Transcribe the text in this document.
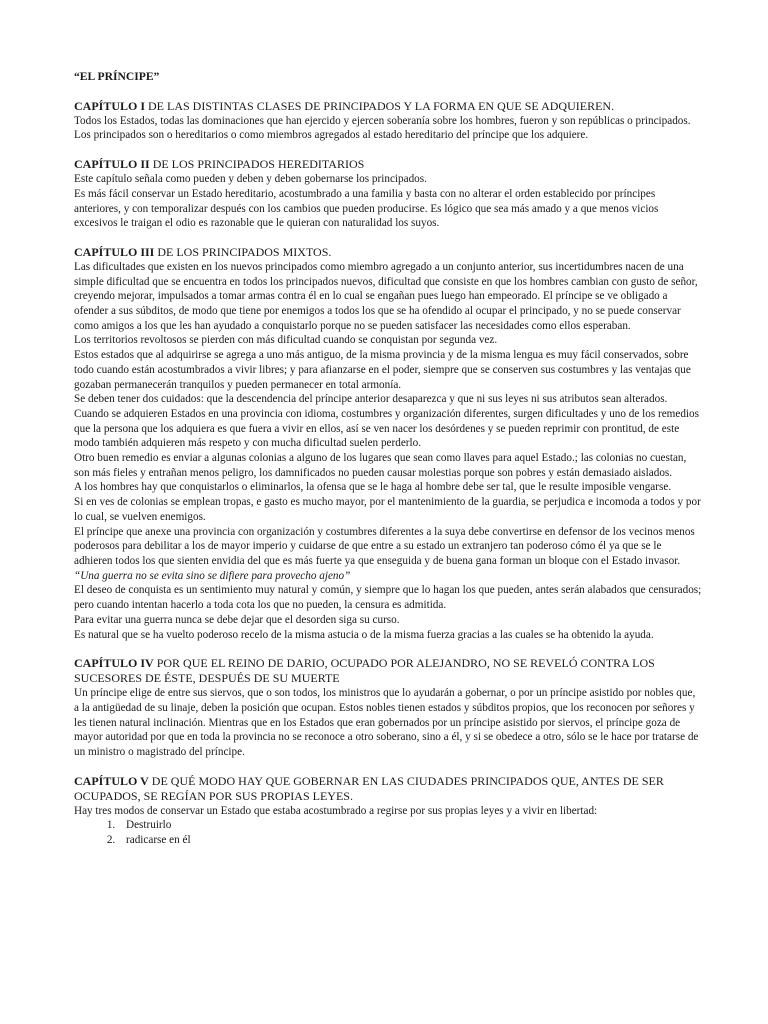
“EL PRÍNCIPE”

CAPÍTULO I DE LAS DISTINTAS CLASES DE PRINCIPADOS Y LA FORMA EN QUE SE ADQUIEREN.

Todos los Estados, todas las dominaciones que han ejercido y ejercen soberanía sobre los hombres, fueron y son repúblicas o principados. Los principados son o hereditarios o como miembros agregados al estado hereditario del príncipe que los adquiere.

CAPÍTULO II DE LOS PRINCIPADOS HEREDITARIOS

Este capítulo señala como pueden y deben y deben gobernarse los principados.

Es más fácil conservar un Estado hereditario, acostumbrado a una familia y basta con no alterar el orden establecido por príncipes anteriores, y con temporalizar después con los cambios que pueden producirse. Es lógico que sea más amado y a que menos vicios excesivos le traigan el odio es razonable que le quieran con naturalidad los suyos.

CAPÍTULO III DE LOS PRINCIPADOS MIXTOS.

Las dificultades que existen en los nuevos principados como miembro agregado a un conjunto anterior, sus incertidumbres nacen de una simple dificultad que se encuentra en todos los principados nuevos, dificultad que consiste en que los hombres cambian con gusto de señor, creyendo mejorar, impulsados a tomar armas contra él en lo cual se engañan pues luego han empeorado. El príncipe se ve obligado a ofender a sus súbditos, de modo que tiene por enemigos a todos los que se ha ofendido al ocupar el principado, y no se puede conservar como amigos a los que les han ayudado a conquistarlo porque no se pueden satisfacer las necesidades como ellos esperaban.

Los territorios revoltosos se pierden con más dificultad cuando se conquistan por segunda vez.

Estos estados que al adquirirse se agrega a uno más antiguo, de la misma provincia y de la misma lengua es muy fácil conservados, sobre todo cuando están acostumbrados a vivir libres; y para afianzarse en el poder, siempre que se conserven sus costumbres y las ventajas que gozaban permanecerán tranquilos y pueden permanecer en total armonía.

Se deben tener dos cuidados: que la descendencia del príncipe anterior desaparezca y que ni sus leyes ni sus atributos sean alterados.

Cuando se adquieren Estados en una provincia con idioma, costumbres y organización diferentes, surgen dificultades y uno de los remedios que la persona que los adquiera es que fuera a vivir en ellos, así se ven nacer los desórdenes y se pueden reprimir con prontitud, de este modo también adquieren más respeto y con mucha dificultad suelen perderlo.

Otro buen remedio es enviar a algunas colonias a alguno de los lugares que sean como llaves para aquel Estado.; las colonias no cuestan, son más fieles y entrañan menos peligro, los damnificados no pueden causar molestias porque son pobres y están demasiado aislados.

A los hombres hay que conquistarlos o eliminarlos, la ofensa que se le haga al hombre debe ser tal, que le resulte imposible vengarse.

Si en ves de colonias se emplean tropas, e gasto es mucho mayor, por el mantenimiento de la guardia, se perjudica e incomoda a todos y por lo cual, se vuelven enemigos.

El príncipe que anexe una provincia con organización y costumbres diferentes a la suya debe convertirse en defensor de los vecinos menos poderosos para debilitar a los de mayor imperio y cuidarse de que entre a su estado un extranjero tan poderoso cómo él ya que se le adhieren todos los que sienten envidia del que es más fuerte ya que enseguida y de buena gana forman un bloque con el Estado invasor.

“Una guerra no se evita sino se difiere para provecho ajeno”

El deseo de conquista es un sentimiento muy natural y común, y siempre que lo hagan los que pueden, antes serán alabados que censurados; pero cuando intentan hacerlo a toda cota los que no pueden, la censura es admitida.

Para evitar una guerra nunca se debe dejar que el desorden siga su curso.

Es natural que se ha vuelto poderoso recelo de la misma astucia o de la misma fuerza gracias a las cuales se ha obtenido la ayuda.

CAPÍTULO IV POR QUE EL REINO DE DARIO, OCUPADO POR ALEJANDRO, NO SE REVELÓ CONTRA LOS SUCESORES DE ÉSTE, DESPUÉS DE SU MUERTE

Un príncipe elige de entre sus siervos, que o son todos, los ministros que lo ayudarán a gobernar, o por un príncipe asistido por nobles que, a la antigüedad de su linaje, deben la posición que ocupan. Estos nobles tienen estados y súbditos propios, que los reconocen por señores y les tienen natural inclinación. Mientras que en los Estados que eran gobernados por un príncipe asistido por siervos, el príncipe goza de mayor autoridad por que en toda la provincia no se reconoce a otro soberano, sino a él, y si se obedece a otro, sólo se le hace por tratarse de un ministro o magistrado del príncipe.

CAPÍTULO V DE QUÉ MODO HAY QUE GOBERNAR EN LAS CIUDADES PRINCIPADOS QUE, ANTES DE SER OCUPADOS, SE REGÍAN POR SUS PROPIAS LEYES.

Hay tres modos de conservar un Estado que estaba acostumbrado a regirse por sus propias leyes y a vivir en libertad:

1. Destruirlo
2. radicarse en él
